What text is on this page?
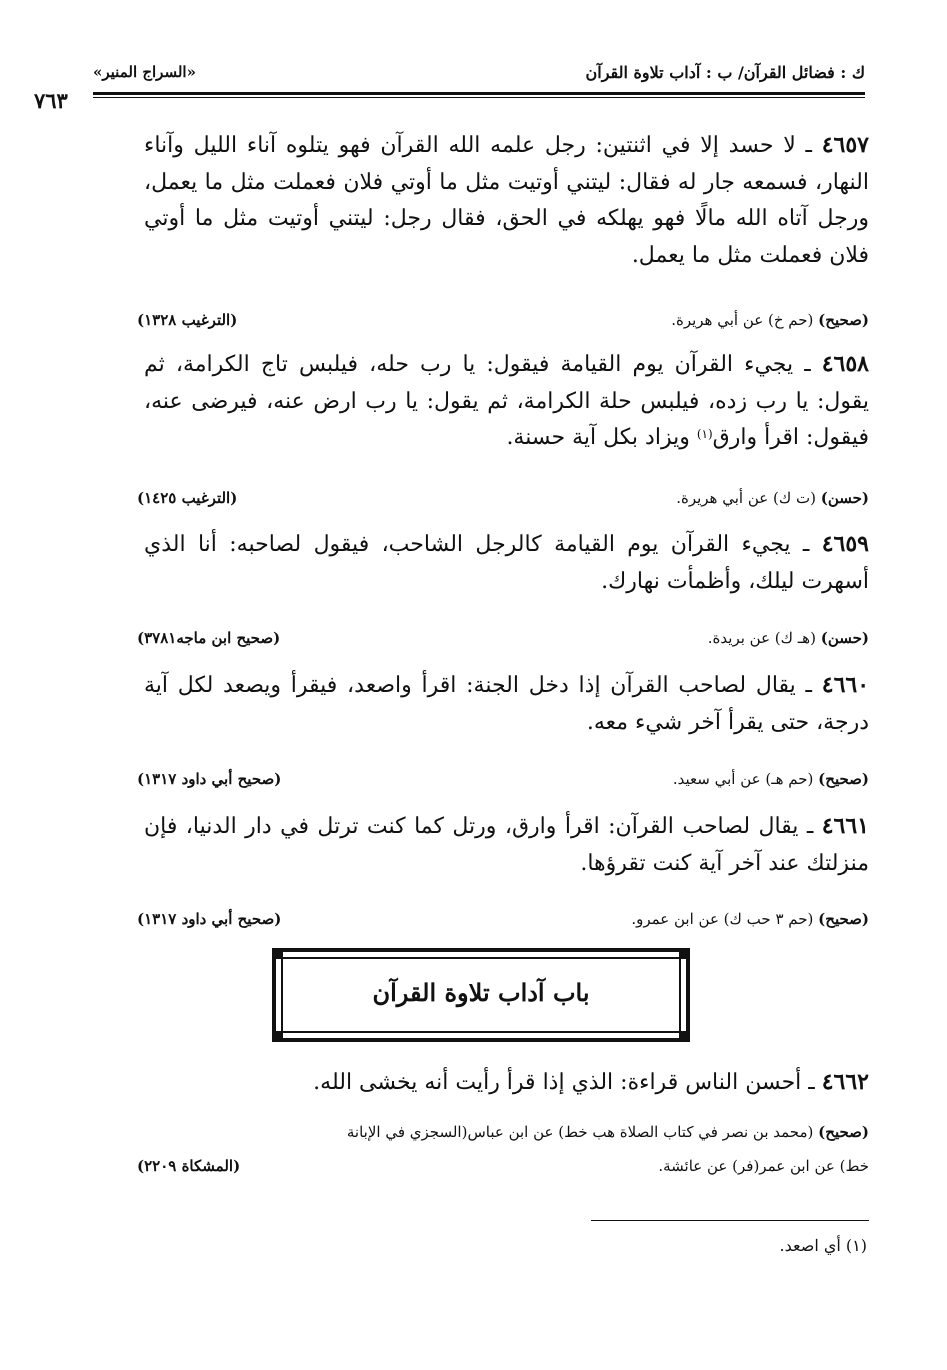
ك : فضائل القرآن/ ب : آداب تلاوة القرآن
«السراج المنير»
٧٦٣
٤٦٥٧ ـ لا حسد إلا في اثنتين: رجل علمه الله القرآن فهو يتلوه آناء الليل وآناء النهار، فسمعه جار له فقال: ليتني أوتيت مثل ما أوتي فلان فعملت مثل ما يعمل، ورجل آتاه الله مالًا فهو يهلكه في الحق، فقال رجل: ليتني أوتيت مثل ما أوتي فلان فعملت مثل ما يعمل.
(الترغيب ١٣٢٨)	(صحيح) (حم خ) عن أبي هريرة.
٤٦٥٨ ـ يجيء القرآن يوم القيامة فيقول: يا رب حله، فيلبس تاج الكرامة، ثم يقول: يا رب زده، فيلبس حلة الكرامة، ثم يقول: يا رب ارض عنه، فيرضى عنه، فيقول: اقرأ وارق$^{(١)}$ ويزاد بكل آية حسنة.
(الترغيب ١٤٢٥)	(حسن) (ت ك) عن أبي هريرة.
٤٦٥٩ ـ يجيء القرآن يوم القيامة كالرجل الشاحب، فيقول لصاحبه: أنا الذي أسهرت ليلك، وأظمأت نهارك.
(صحيح ابن ماجه٣٧٨١)	(حسن) (هـ ك) عن بريدة.
٤٦٦٠ ـ يقال لصاحب القرآن إذا دخل الجنة: اقرأ واصعد، فيقرأ ويصعد لكل آية درجة، حتى يقرأ آخر شيء معه.
(صحيح أبي داود ١٣١٧)	(صحيح) (حم هـ) عن أبي سعيد.
٤٦٦١ ـ يقال لصاحب القرآن: اقرأ وارق، ورتل كما كنت ترتل في دار الدنيا، فإن منزلتك عند آخر آية كنت تقرؤها.
(صحيح أبي داود ١٣١٧)	(صحيح) (حم ٣ حب ك) عن ابن عمرو.
باب آداب تلاوة القرآن
٤٦٦٢ ـ أحسن الناس قراءة: الذي إذا قرأ رأيت أنه يخشى الله.
(صحيح) (محمد بن نصر في كتاب الصلاة هب خط) عن ابن عباس(السجزي في الإبانة
(المشكاة ٢٢٠٩)	خط) عن ابن عمر(فر) عن عائشة.
(١) أي اصعد.
